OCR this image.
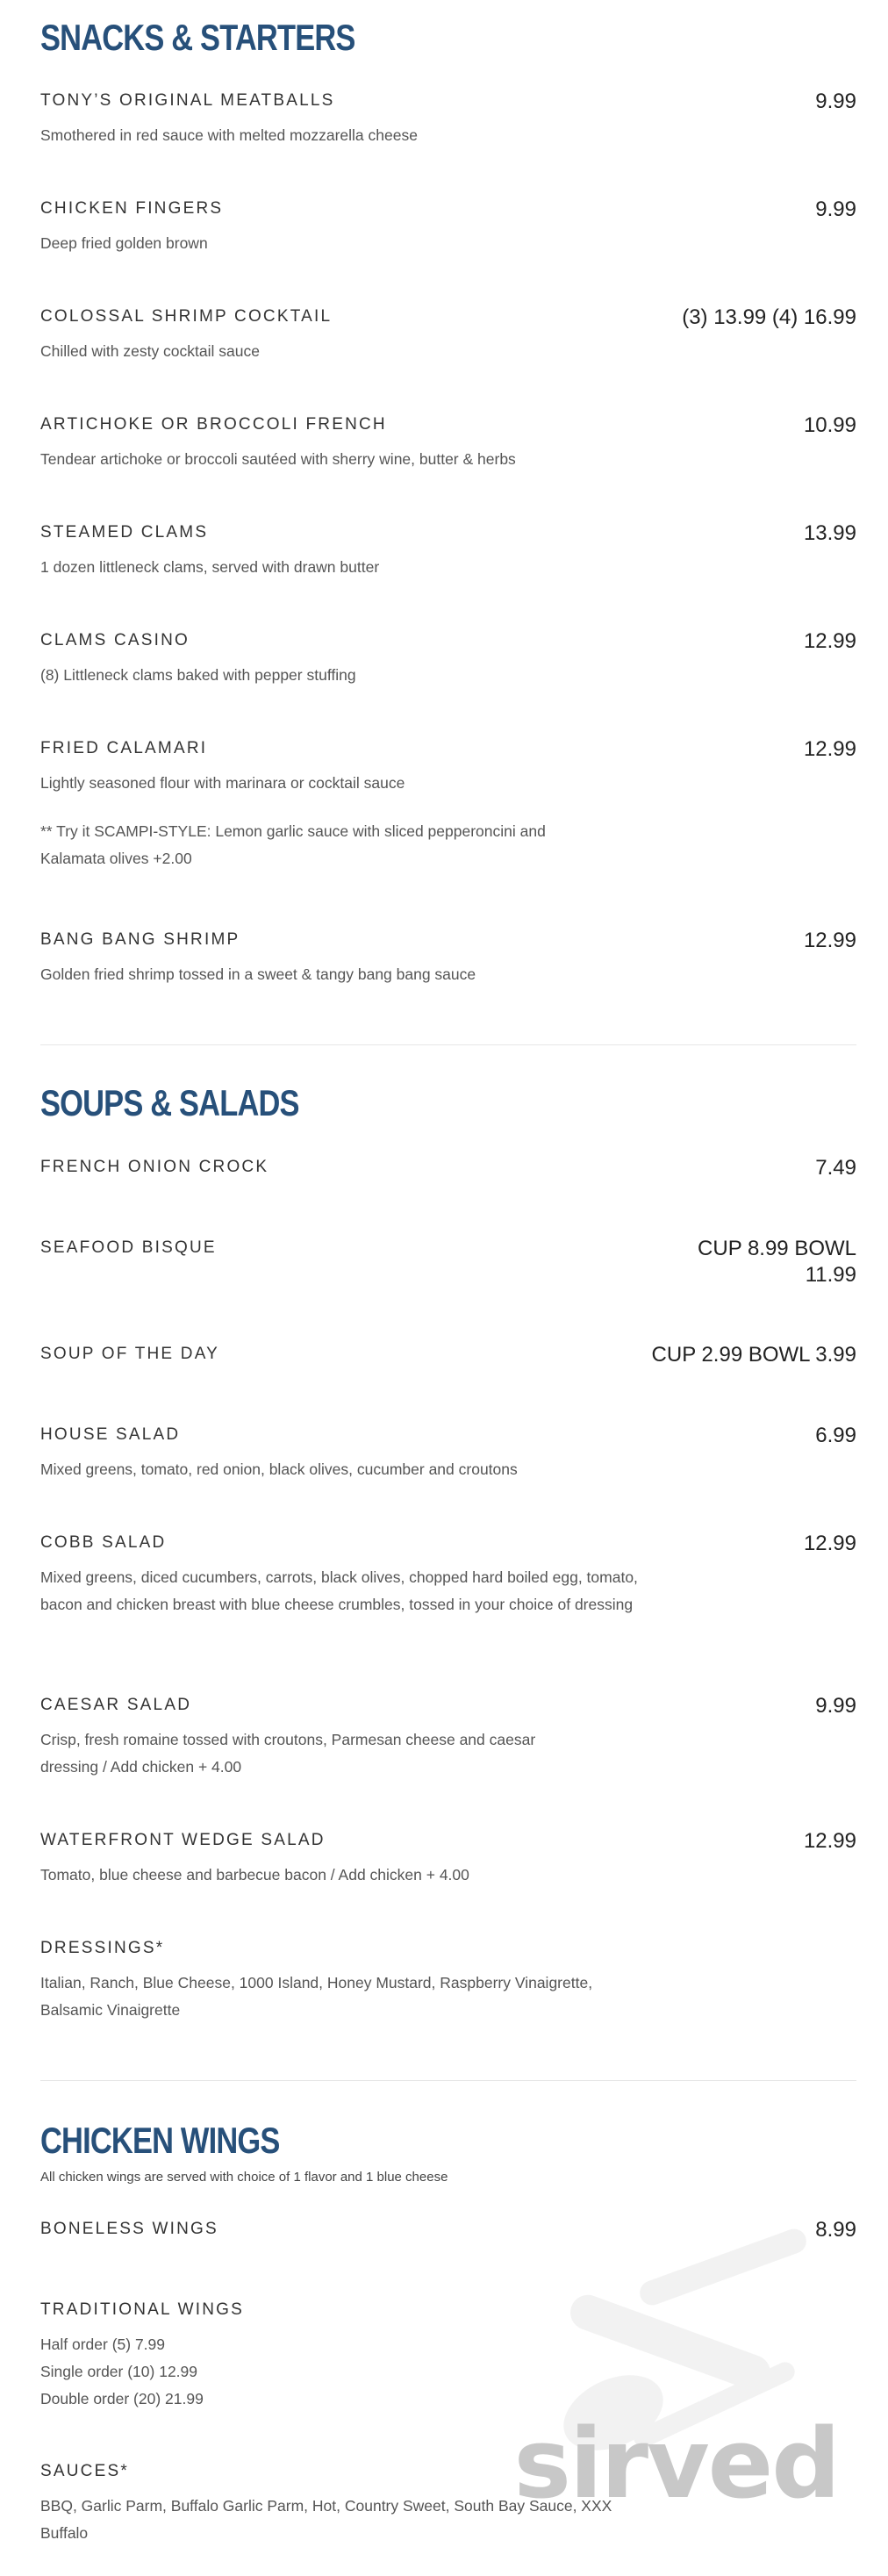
SNACKS & STARTERS
TONY’S ORIGINAL MEATBALLS	9.99
Smothered in red sauce with melted mozzarella cheese
CHICKEN FINGERS	9.99
Deep fried golden brown
COLOSSAL SHRIMP COCKTAIL	(3) 13.99 (4) 16.99
Chilled with zesty cocktail sauce
ARTICHOKE OR BROCCOLI FRENCH	10.99
Tendear artichoke or broccoli sautéed with sherry wine, butter & herbs
STEAMED CLAMS	13.99
1 dozen littleneck clams, served with drawn butter
CLAMS CASINO	12.99
(8) Littleneck clams baked with pepper stuffing
FRIED CALAMARI	12.99
Lightly seasoned flour with marinara or cocktail sauce
** Try it SCAMPI-STYLE: Lemon garlic sauce with sliced pepperoncini and Kalamata olives +2.00
BANG BANG SHRIMP	12.99
Golden fried shrimp tossed in a sweet & tangy bang bang sauce
SOUPS & SALADS
FRENCH ONION CROCK	7.49
SEAFOOD BISQUE	CUP 8.99 BOWL 11.99
SOUP OF THE DAY	CUP 2.99 BOWL 3.99
HOUSE SALAD	6.99
Mixed greens, tomato, red onion, black olives, cucumber and croutons
COBB SALAD	12.99
Mixed greens, diced cucumbers, carrots, black olives, chopped hard boiled egg, tomato, bacon and chicken breast with blue cheese crumbles, tossed in your choice of dressing
CAESAR SALAD	9.99
Crisp, fresh romaine tossed with croutons, Parmesan cheese and caesar dressing / Add chicken + 4.00
WATERFRONT WEDGE SALAD	12.99
Tomato, blue cheese and barbecue bacon / Add chicken + 4.00
DRESSINGS*
Italian, Ranch, Blue Cheese, 1000 Island, Honey Mustard, Raspberry Vinaigrette, Balsamic Vinaigrette
CHICKEN WINGS
All chicken wings are served with choice of 1 flavor and 1 blue cheese
BONELESS WINGS	8.99
TRADITIONAL WINGS
Half order (5) 7.99
Single order (10) 12.99
Double order (20) 21.99
SAUCES*
BBQ, Garlic Parm, Buffalo Garlic Parm, Hot, Country Sweet, South Bay Sauce, XXX Buffalo
sirved
